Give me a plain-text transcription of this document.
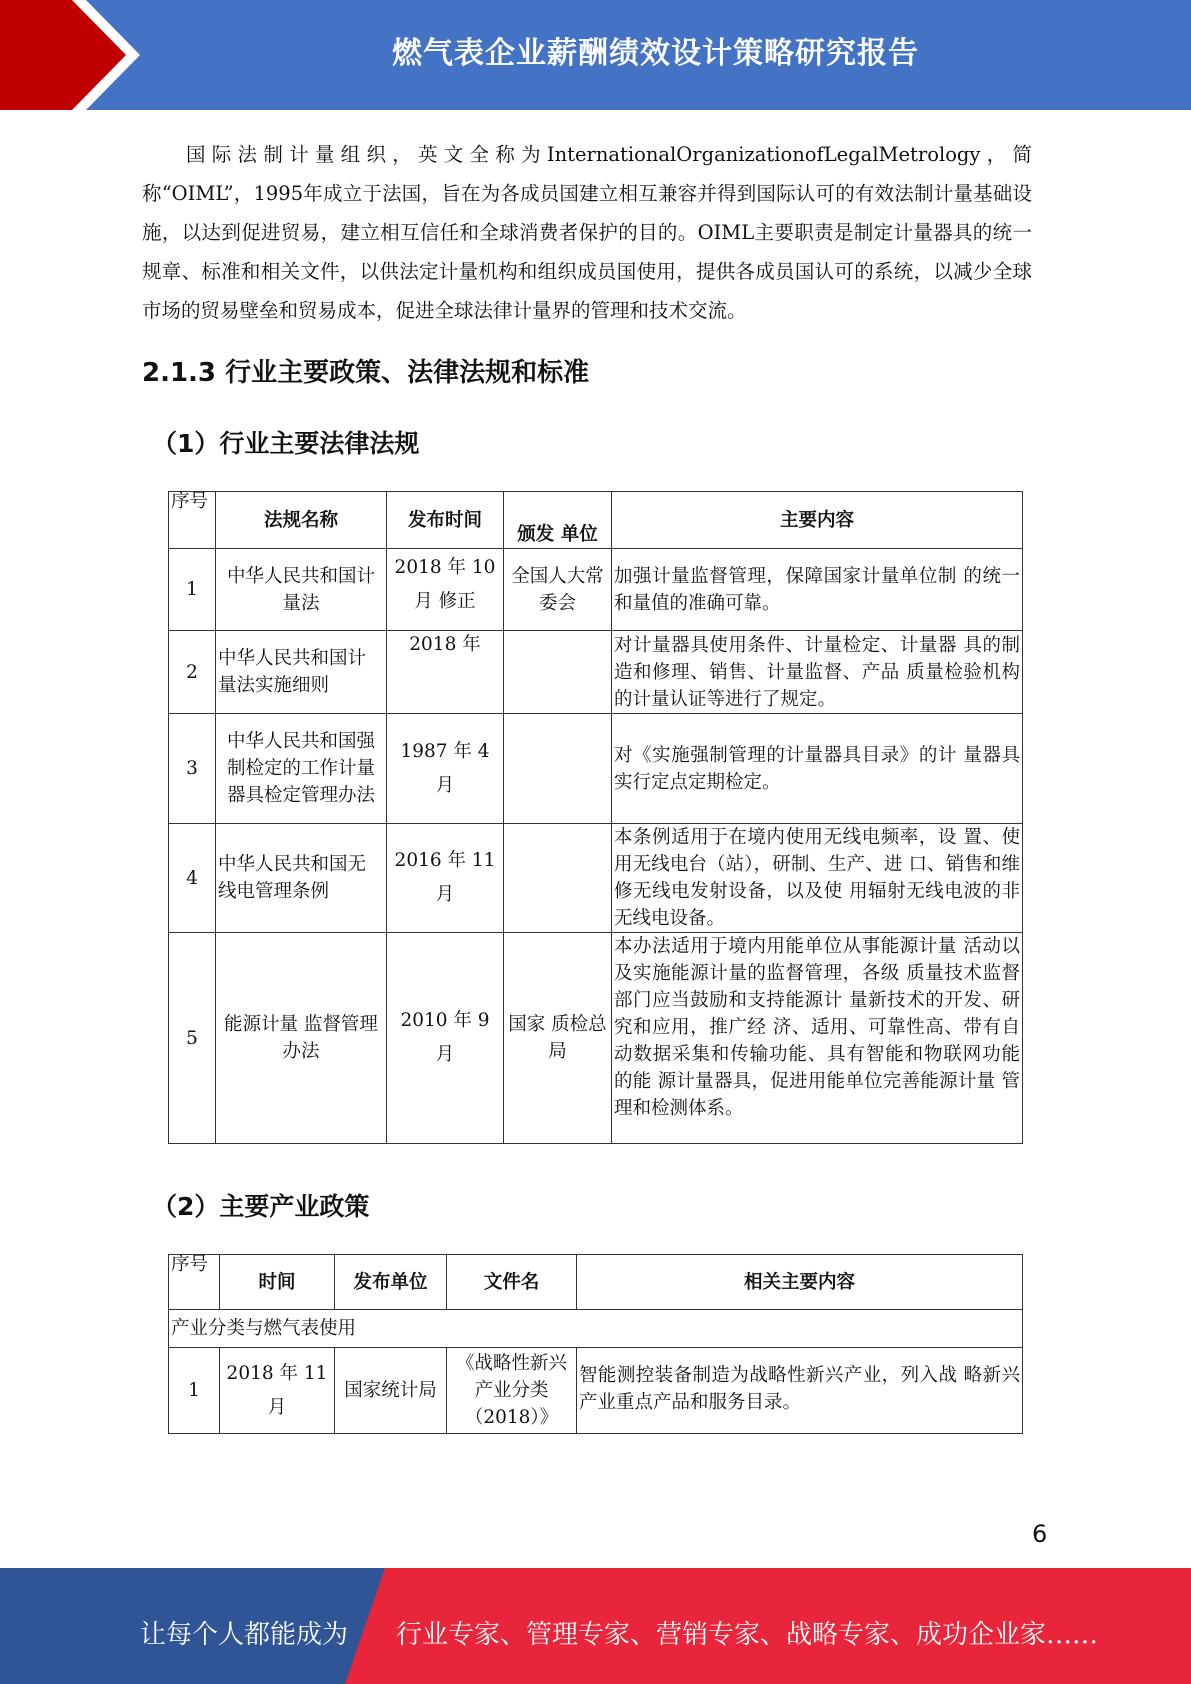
燃气表企业薪酬绩效设计策略研究报告
国际法制计量组织，英文全称为InternationalOrganizationofLegalMetrology，简称“OIML”，1995年成立于法国，旨在为各成员国建立相互兼容并得到国际认可的有效法制计量基础设施，以达到促进贸易，建立相互信任和全球消费者保护的目的。OIML主要职责是制定计量器具的统一规章、标准和相关文件，以供法定计量机构和组织成员国使用，提供各成员国认可的系统，以减少全球市场的贸易壁垒和贸易成本，促进全球法律计量界的管理和技术交流。
2.1.3 行业主要政策、法律法规和标准
（1）行业主要法律法规
序号	法规名称	发布时间	颁发 单位	主要内容
1	中华人民共和国计量法	2018 年 10 月 修正	全国人大常委会	加强计量监督管理，保障国家计量单位制 的统一和量值的准确可靠。
2	中华人民共和国计量法实施细则	2018 年		对计量器具使用条件、计量检定、计量器 具的制造和修理、销售、计量监督、产品 质量检验机构的计量认证等进行了规定。
3	中华人民共和国强制检定的工作计量器具检定管理办法	1987 年 4 月		对《实施强制管理的计量器具目录》的计 量器具实行定点定期检定。
4	中华人民共和国无线电管理条例	2016 年 11 月		本条例适用于在境内使用无线电频率，设 置、使用无线电台（站），研制、生产、进 口、销售和维修无线电发射设备，以及使 用辐射无线电波的非无线电设备。
5	能源计量 监督管理办法	2010 年 9 月	国家 质检总局	本办法适用于境内用能单位从事能源计量 活动以及实施能源计量的监督管理，各级 质量技术监督部门应当鼓励和支持能源计 量新技术的开发、研究和应用，推广经 济、适用、可靠性高、带有自动数据采集和传输功能、具有智能和物联网功能的能 源计量器具，促进用能单位完善能源计量 管理和检测体系。
（2）主要产业政策
序号	时间	发布单位	文件名	相关主要内容
产业分类与燃气表使用				
1	2018 年 11 月	国家统计局	《战略性新兴产业分类（2018）》	智能测控装备制造为战略性新兴产业，列入战 略新兴产业重点产品和服务目录。
6
让每个人都能成为 行业专家、管理专家、营销专家、战略专家、成功企业家……
